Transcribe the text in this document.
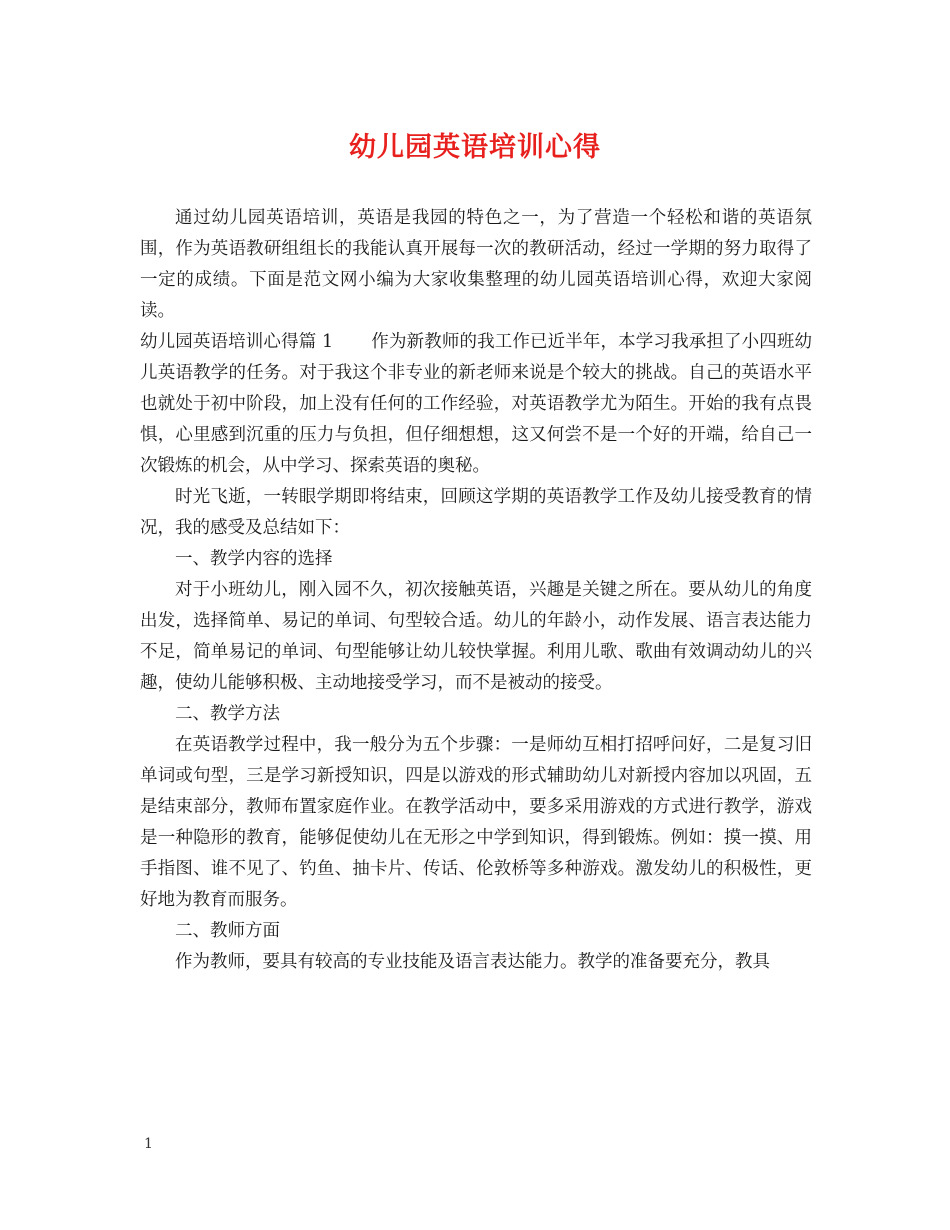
幼儿园英语培训心得

通过幼儿园英语培训，英语是我园的特色之一，为了营造一个轻松和谐的英语氛围，作为英语教研组组长的我能认真开展每一次的教研活动，经过一学期的努力取得了一定的成绩。下面是范文网小编为大家收集整理的幼儿园英语培训心得，欢迎大家阅读。

幼儿园英语培训心得篇 1 作为新教师的我工作已近半年，本学习我承担了小四班幼儿英语教学的任务。对于我这个非专业的新老师来说是个较大的挑战。自己的英语水平也就处于初中阶段，加上没有任何的工作经验，对英语教学尤为陌生。开始的我有点畏惧，心里感到沉重的压力与负担，但仔细想想，这又何尝不是一个好的开端，给自己一次锻炼的机会，从中学习、探索英语的奥秘。

时光飞逝，一转眼学期即将结束，回顾这学期的英语教学工作及幼儿接受教育的情况，我的感受及总结如下：

一、教学内容的选择

对于小班幼儿，刚入园不久，初次接触英语，兴趣是关键之所在。要从幼儿的角度出发，选择简单、易记的单词、句型较合适。幼儿的年龄小，动作发展、语言表达能力不足，简单易记的单词、句型能够让幼儿较快掌握。利用儿歌、歌曲有效调动幼儿的兴趣，使幼儿能够积极、主动地接受学习，而不是被动的接受。

二、教学方法

在英语教学过程中，我一般分为五个步骤：一是师幼互相打招呼问好，二是复习旧单词或句型，三是学习新授知识，四是以游戏的形式辅助幼儿对新授内容加以巩固，五是结束部分，教师布置家庭作业。在教学活动中，要多采用游戏的方式进行教学，游戏是一种隐形的教育，能够促使幼儿在无形之中学到知识，得到锻炼。例如：摸一摸、用手指图、谁不见了、钓鱼、抽卡片、传话、伦敦桥等多种游戏。激发幼儿的积极性，更好地为教育而服务。

二、教师方面

作为教师，要具有较高的专业技能及语言表达能力。教学的准备要充分，教具

1
